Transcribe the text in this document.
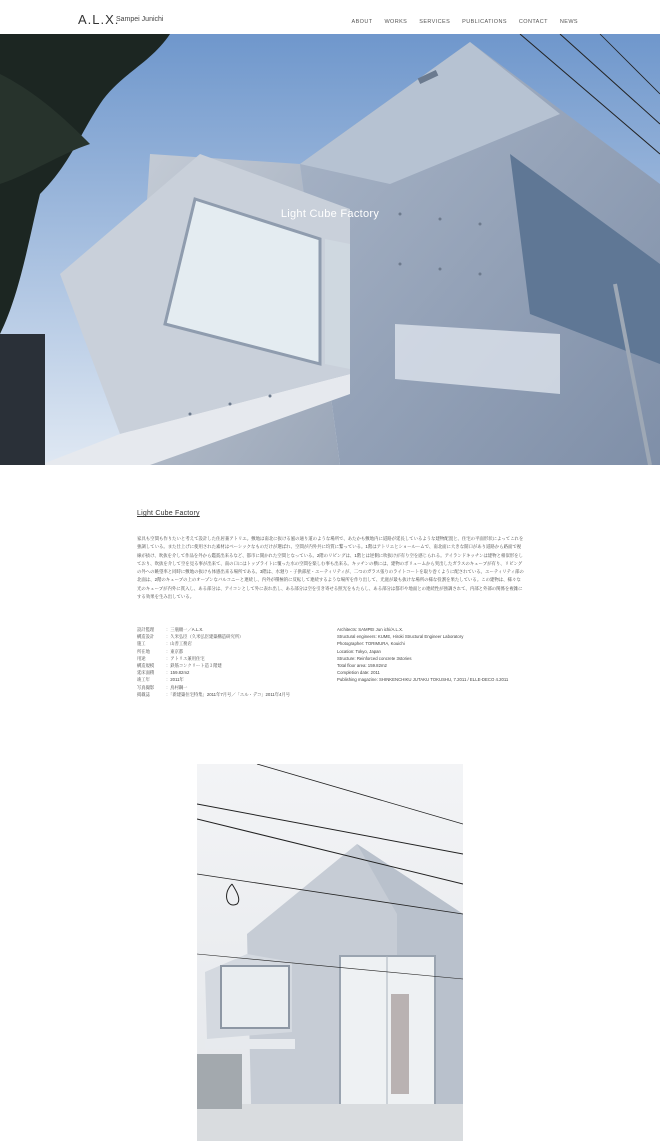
A.L.X.
Sampei Junichi	ABOUT WORKS SERVICES PUBLICATIONS CONTACT NEWS
Light Cube Factory
Light Cube Factory
家具も空間も作りたいと考えて設計した住居兼アトリエ。敷地は南北に抜ける風の通り道のような場所で、あたかも敷地内に道路が延長しているような建物配置と、住宅の平面形状によってこれを強調している。また仕上げに使用された素材はベーシックなものだけが選ばれ、空間が内外共に均質に繋っている。1階はアトリエとショールームで、南北面に大きな開口があり道路から路面で視線が抜け、吹抜を介して作品を外から鑑賞出来るなど、都市に開かれた空間となっている。2階のリビングは、1階とは逆側に吹抜けが有り空を感じられる。アイランドキッチンは建物と相似形をしており、吹抜を介して空を見る事が出来て、南の口にはトップライトに覆った水の空間を楽しむ事も出来る。キッチンの横には、建物のボリュームから突出したガラスのキューブが有り、リビングの外への眺望率と同時に敷地の抜けも体感出来る場所である。3階は、水廻り・子供部屋・ユーティリティが、二つのガラス張りのライトコートを取り巻くように配されている。ユーティリティ部の北面は、2階のキューブの上のオープンなバルコニーと連続し、内外が積極的に反転して連続するような場所を作り出して、光庭が最も抜けな場所の様な役割を果たしている。この建物は、様々な光のキューブが内外に貫入し、ある部分は、アイコンとして外に表れ出し、ある部分は空を引き寄せる照光をもたらし、ある部分は都市や地面との連続性が強調されて、内部と外部の関係を複雑にする効果を生み出している。
設計監理	：三瓶順一／A.L.X.
構造設計	：久米弘臣（久米弘臣建築構造研究所）
施工	：山善工務店
所在地	：東京都
用途	：アトリエ兼用住宅
構造規模	：鉄筋コンクリート造３階建
延床面積	：159.82m2
竣工年	：2011年
写真撮影	：鳥村鋼一
掲載誌	：「新建築住宅特集」2011年7月号／「エル・デコ」2011年4月号
Architects: SAMPEI Jun ichi/A.L.X.
Structural engineers: KUME, Hiroki Structural Engineer Laboratory
Photographer: TORIMURA, Kouichi
Location: Tokyo, Japan
Structure: Reinforced concrete 3stories
Total floor area: 159.82m2
Completion date: 2011
Publishing magazine: SHINKENCHIKU JUTAKU TOKUSHU, 7.2011 / ELLE-DECO 4.2011
